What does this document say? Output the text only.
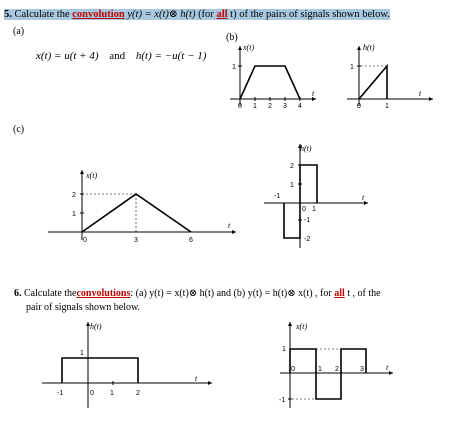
5. Calculate the convolution y(t) = x(t)⊗ h(t) (for all t) of the pairs of signals shown below.
(a)
(b)
(c)
x(t) = u(t + 4) and h(t) = −u(t − 1)
x(t)
1
0 1 2 3 4
t
h(t)
1
0	1
t
x(t)
2
1
0	3	6
t
h(t)
2
1
-1
-2
-1
0 1
t
6. Calculate theconvolutions: (a) y(t) = x(t)⊗ h(t) and (b) y(t) = h(t)⊗ x(t) , for all t , of the
pair of signals shown below.
h(t)
1
-1	0 1	2
t
x(t)
1
-1
0	1 2	3	t
